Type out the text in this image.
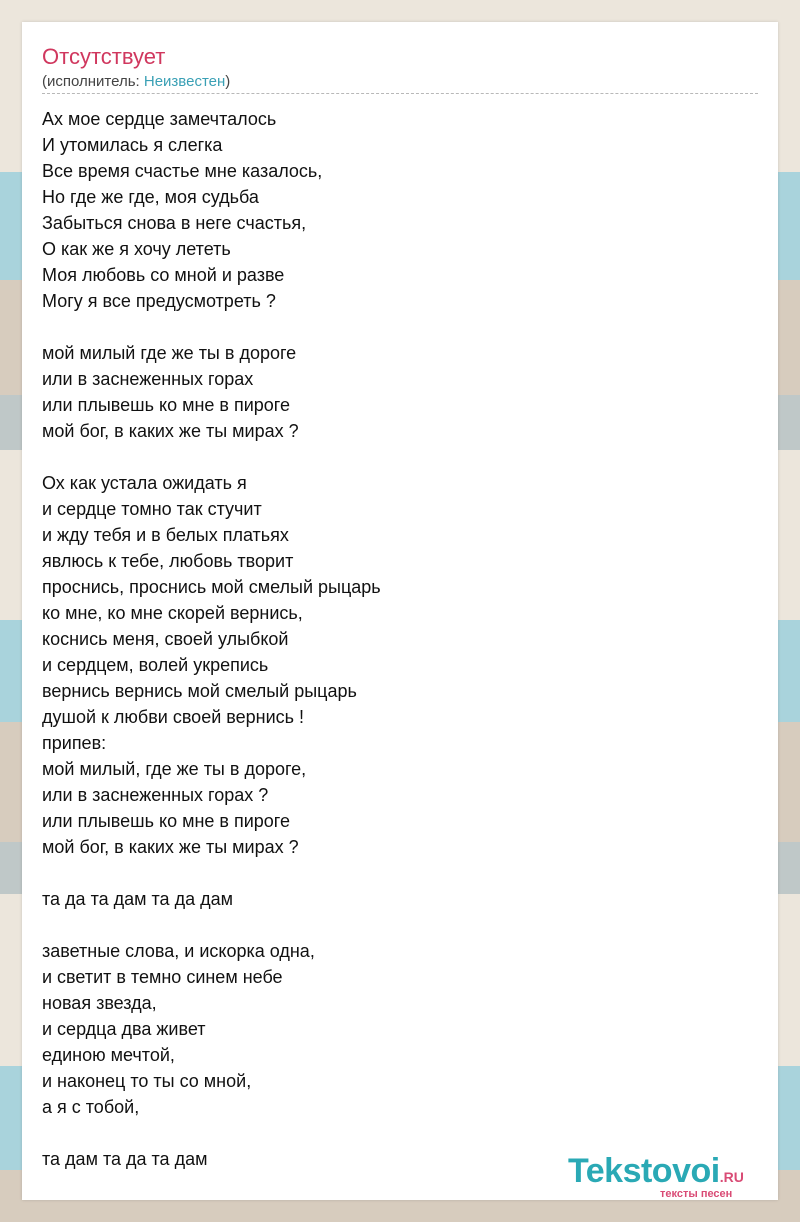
Отсутствует
(исполнитель: Неизвестен)
Ах мое сердце замечталось
И утомилась я слегка
Все время счастье мне казалось,
Но где же где, моя судьба
Забыться снова в неге счастья,
О как же я хочу лететь
Моя любовь со мной и разве
Могу я все предусмотреть ?
мой милый где же ты в дороге
или в заснеженных горах
или плывешь ко мне в пироге
мой бог, в каких же ты мирах ?
Ох как устала ожидать я
и сердце томно так стучит
и жду тебя и в белых платьях
явлюсь к тебе, любовь творит
проснись, проснись мой смелый рыцарь
ко мне, ко мне скорей вернись,
коснись меня, своей улыбкой
и сердцем, волей укрепись
вернись вернись мой смелый рыцарь
душой к любви своей вернись !
припев:
мой милый, где же ты в дороге,
или в заснеженных горах ?
или плывешь ко мне в пироге
мой бог, в каких же ты мирах ?
та да та дам та да дам
заветные слова, и искорка одна,
и светит в темно синем небе
новая звезда,
и сердца два живет
единою мечтой,
и наконец то ты со мной,
а я с тобой,
та дам та да та дам	Tekstovoi.RU
тексты песен
